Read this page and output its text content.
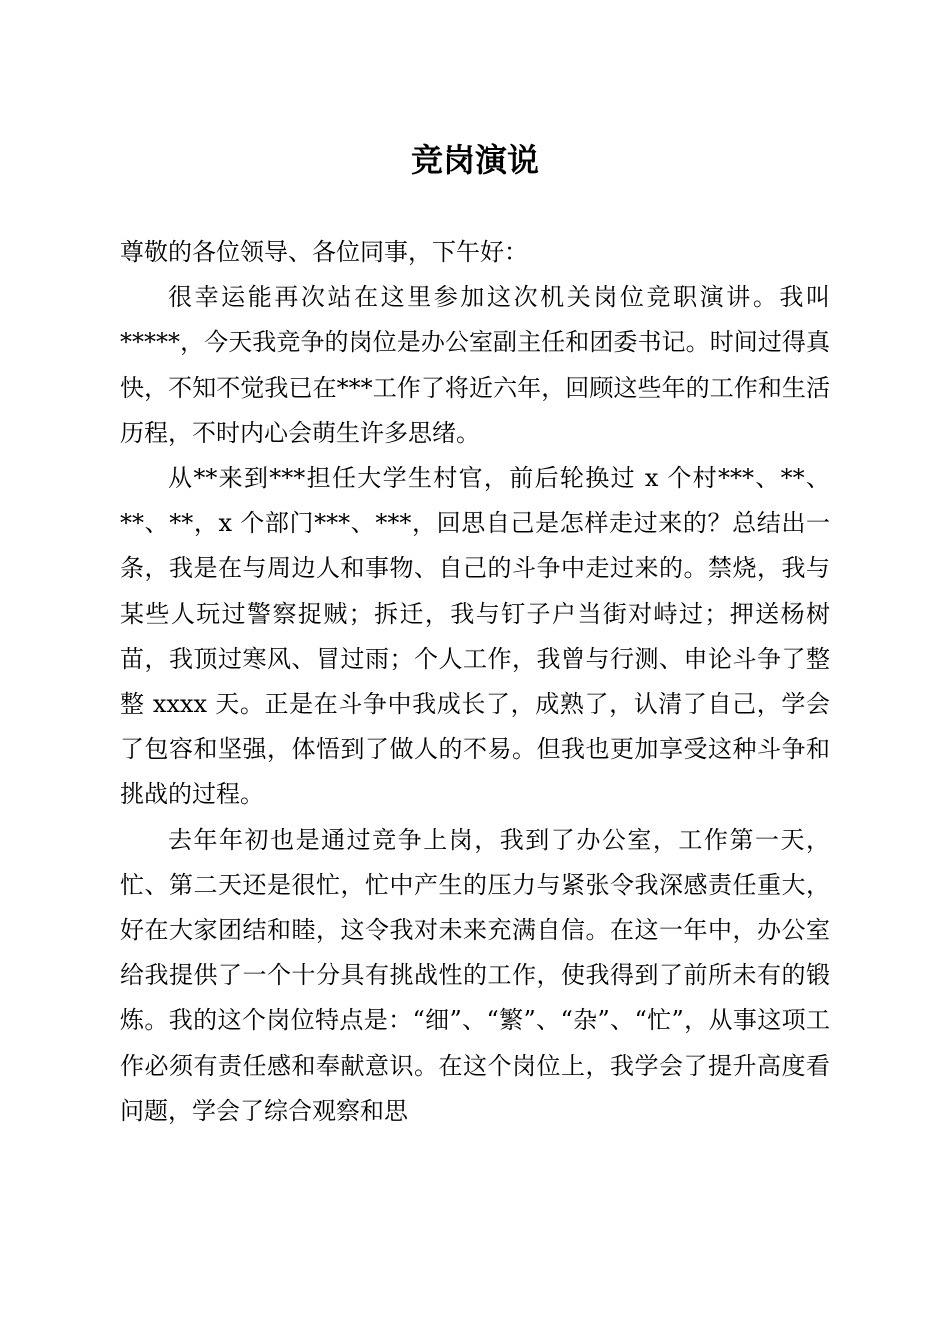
竞岗演说

尊敬的各位领导、各位同事，下午好：

很幸运能再次站在这里参加这次机关岗位竞职演讲。我叫*****，今天我竞争的岗位是办公室副主任和团委书记。时间过得真快，不知不觉我已在***工作了将近六年，回顾这些年的工作和生活历程，不时内心会萌生许多思绪。

从**来到***担任大学生村官，前后轮换过 x 个村***、**、**、**，x 个部门***、***，回思自己是怎样走过来的？总结出一条，我是在与周边人和事物、自己的斗争中走过来的。禁烧，我与某些人玩过警察捉贼；拆迁，我与钉子户当街对峙过；押送杨树苗，我顶过寒风、冒过雨；个人工作，我曾与行测、申论斗争了整整 xxxx 天。正是在斗争中我成长了，成熟了，认清了自己，学会了包容和坚强，体悟到了做人的不易。但我也更加享受这种斗争和挑战的过程。

去年年初也是通过竞争上岗，我到了办公室，工作第一天，忙、第二天还是很忙，忙中产生的压力与紧张令我深感责任重大，好在大家团结和睦，这令我对未来充满自信。在这一年中，办公室给我提供了一个十分具有挑战性的工作，使我得到了前所未有的锻炼。我的这个岗位特点是：“细”、“繁”、“杂”、“忙”，从事这项工作必须有责任感和奉献意识。在这个岗位上，我学会了提升高度看问题，学会了综合观察和思
